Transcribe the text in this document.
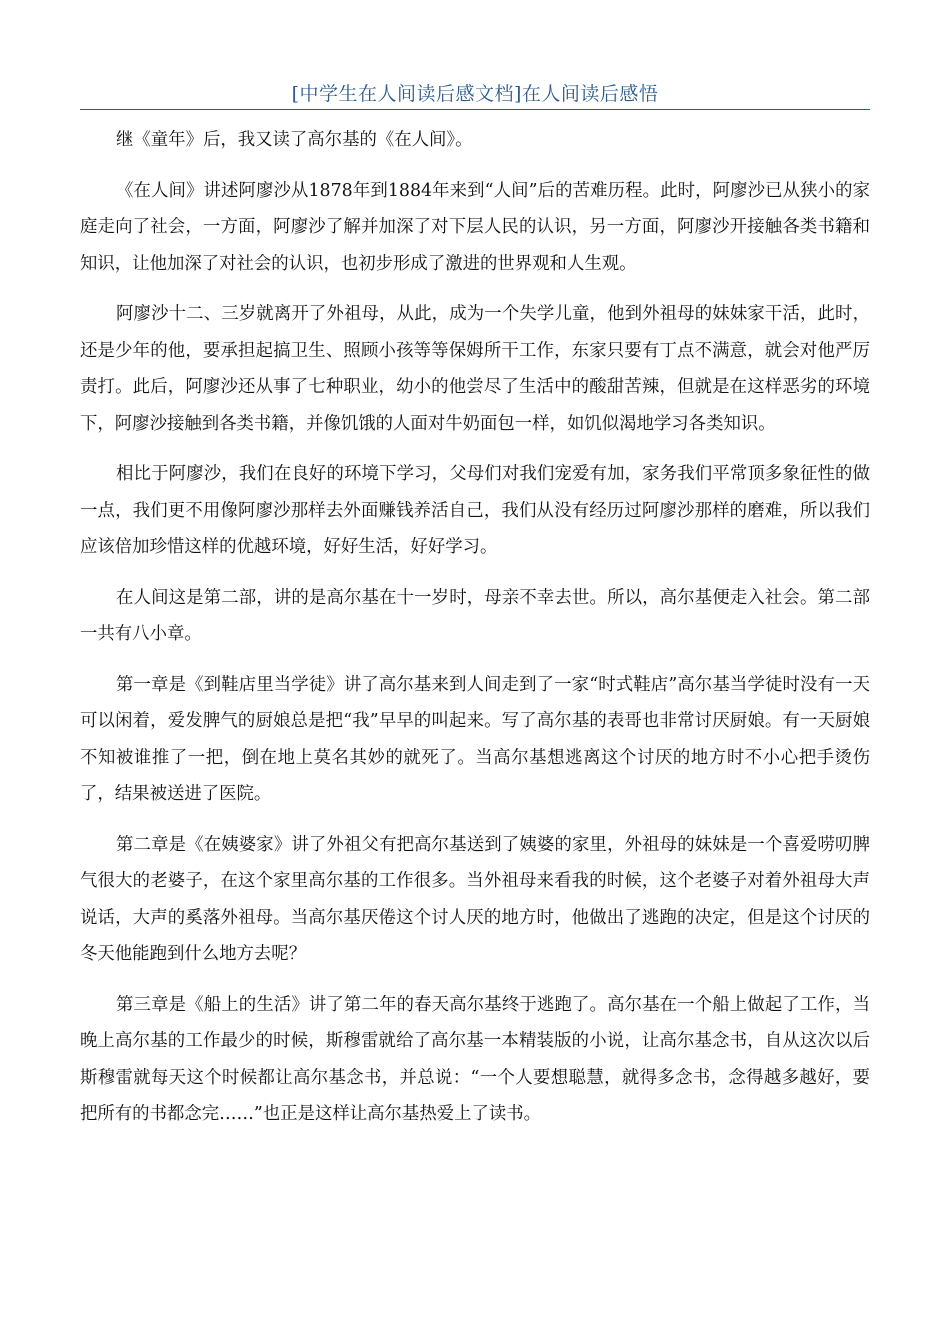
[中学生在人间读后感文档]在人间读后感悟

继《童年》后，我又读了高尔基的《在人间》。

《在人间》讲述阿廖沙从1878年到1884年来到“人间”后的苦难历程。此时，阿廖沙已从狭小的家庭走向了社会，一方面，阿廖沙了解并加深了对下层人民的认识，另一方面，阿廖沙开接触各类书籍和知识，让他加深了对社会的认识，也初步形成了激进的世界观和人生观。

阿廖沙十二、三岁就离开了外祖母，从此，成为一个失学儿童，他到外祖母的妹妹家干活，此时，还是少年的他，要承担起搞卫生、照顾小孩等等保姆所干工作，东家只要有丁点不满意，就会对他严厉责打。此后，阿廖沙还从事了七种职业，幼小的他尝尽了生活中的酸甜苦辣，但就是在这样恶劣的环境下，阿廖沙接触到各类书籍，并像饥饿的人面对牛奶面包一样，如饥似渴地学习各类知识。

相比于阿廖沙，我们在良好的环境下学习，父母们对我们宠爱有加，家务我们平常顶多象征性的做一点，我们更不用像阿廖沙那样去外面赚钱养活自己，我们从没有经历过阿廖沙那样的磨难，所以我们应该倍加珍惜这样的优越环境，好好生活，好好学习。

在人间这是第二部，讲的是高尔基在十一岁时，母亲不幸去世。所以，高尔基便走入社会。第二部一共有八小章。

第一章是《到鞋店里当学徒》讲了高尔基来到人间走到了一家“时式鞋店”高尔基当学徒时没有一天可以闲着，爱发脾气的厨娘总是把“我”早早的叫起来。写了高尔基的表哥也非常讨厌厨娘。有一天厨娘不知被谁推了一把，倒在地上莫名其妙的就死了。当高尔基想逃离这个讨厌的地方时不小心把手烫伤了，结果被送进了医院。

第二章是《在姨婆家》讲了外祖父有把高尔基送到了姨婆的家里，外祖母的妹妹是一个喜爱唠叨脾气很大的老婆子，在这个家里高尔基的工作很多。当外祖母来看我的时候，这个老婆子对着外祖母大声说话，大声的奚落外祖母。当高尔基厌倦这个讨人厌的地方时，他做出了逃跑的决定，但是这个讨厌的冬天他能跑到什么地方去呢？

第三章是《船上的生活》讲了第二年的春天高尔基终于逃跑了。高尔基在一个船上做起了工作，当晚上高尔基的工作最少的时候，斯穆雷就给了高尔基一本精装版的小说，让高尔基念书，自从这次以后斯穆雷就每天这个时候都让高尔基念书，并总说：“一个人要想聪慧，就得多念书，念得越多越好，要把所有的书都念完……”也正是这样让高尔基热爱上了读书。
